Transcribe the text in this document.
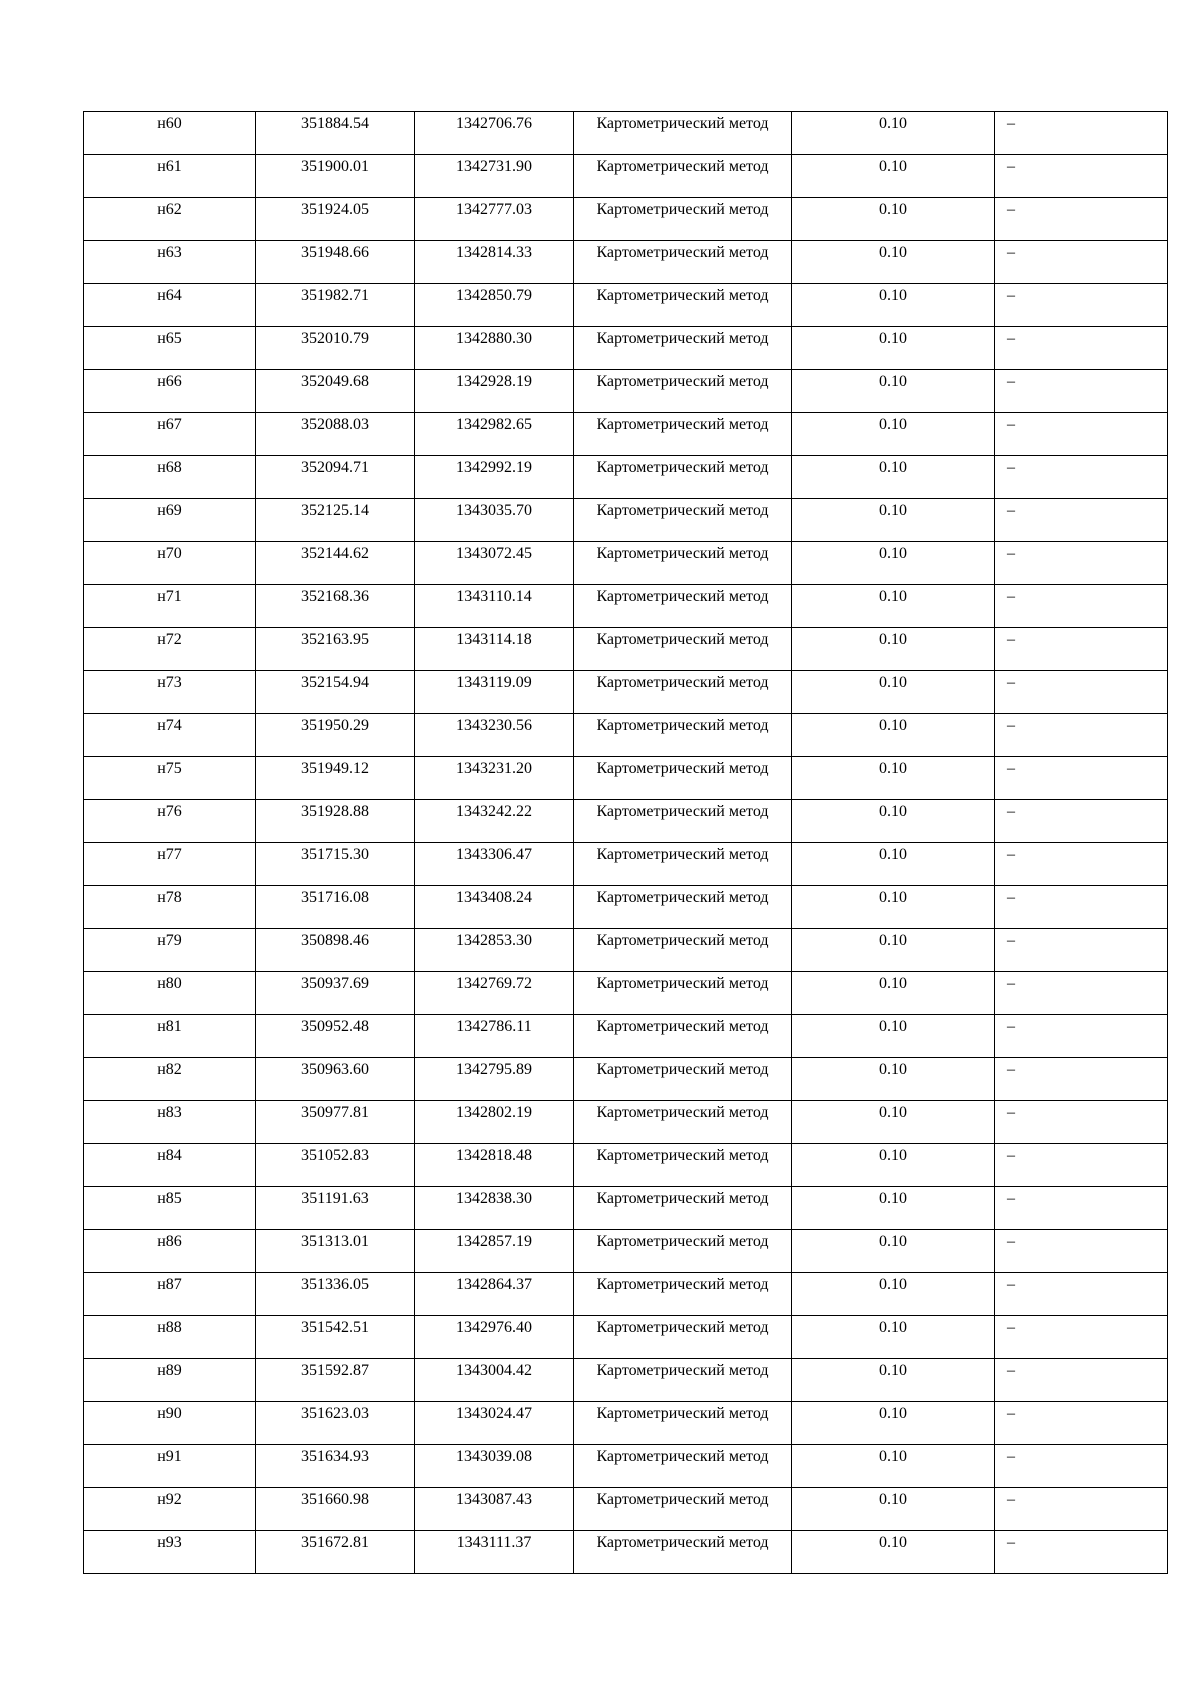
н60	351884.54	1342706.76	Картометрический метод	0.10	–

н61	351900.01	1342731.90	Картометрический метод	0.10	–

н62	351924.05	1342777.03	Картометрический метод	0.10	–

н63	351948.66	1342814.33	Картометрический метод	0.10	–

н64	351982.71	1342850.79	Картометрический метод	0.10	–

н65	352010.79	1342880.30	Картометрический метод	0.10	–

н66	352049.68	1342928.19	Картометрический метод	0.10	–

н67	352088.03	1342982.65	Картометрический метод	0.10	–

н68	352094.71	1342992.19	Картометрический метод	0.10	–

н69	352125.14	1343035.70	Картометрический метод	0.10	–

н70	352144.62	1343072.45	Картометрический метод	0.10	–

н71	352168.36	1343110.14	Картометрический метод	0.10	–

н72	352163.95	1343114.18	Картометрический метод	0.10	–

н73	352154.94	1343119.09	Картометрический метод	0.10	–

н74	351950.29	1343230.56	Картометрический метод	0.10	–

н75	351949.12	1343231.20	Картометрический метод	0.10	–

н76	351928.88	1343242.22	Картометрический метод	0.10	–

н77	351715.30	1343306.47	Картометрический метод	0.10	–

н78	351716.08	1343408.24	Картометрический метод	0.10	–

н79	350898.46	1342853.30	Картометрический метод	0.10	–

н80	350937.69	1342769.72	Картометрический метод	0.10	–

н81	350952.48	1342786.11	Картометрический метод	0.10	–

н82	350963.60	1342795.89	Картометрический метод	0.10	–

н83	350977.81	1342802.19	Картометрический метод	0.10	–

н84	351052.83	1342818.48	Картометрический метод	0.10	–

н85	351191.63	1342838.30	Картометрический метод	0.10	–

н86	351313.01	1342857.19	Картометрический метод	0.10	–

н87	351336.05	1342864.37	Картометрический метод	0.10	–

н88	351542.51	1342976.40	Картометрический метод	0.10	–

н89	351592.87	1343004.42	Картометрический метод	0.10	–

н90	351623.03	1343024.47	Картометрический метод	0.10	–

н91	351634.93	1343039.08	Картометрический метод	0.10	–

н92	351660.98	1343087.43	Картометрический метод	0.10	–

н93	351672.81	1343111.37	Картометрический метод	0.10	–
